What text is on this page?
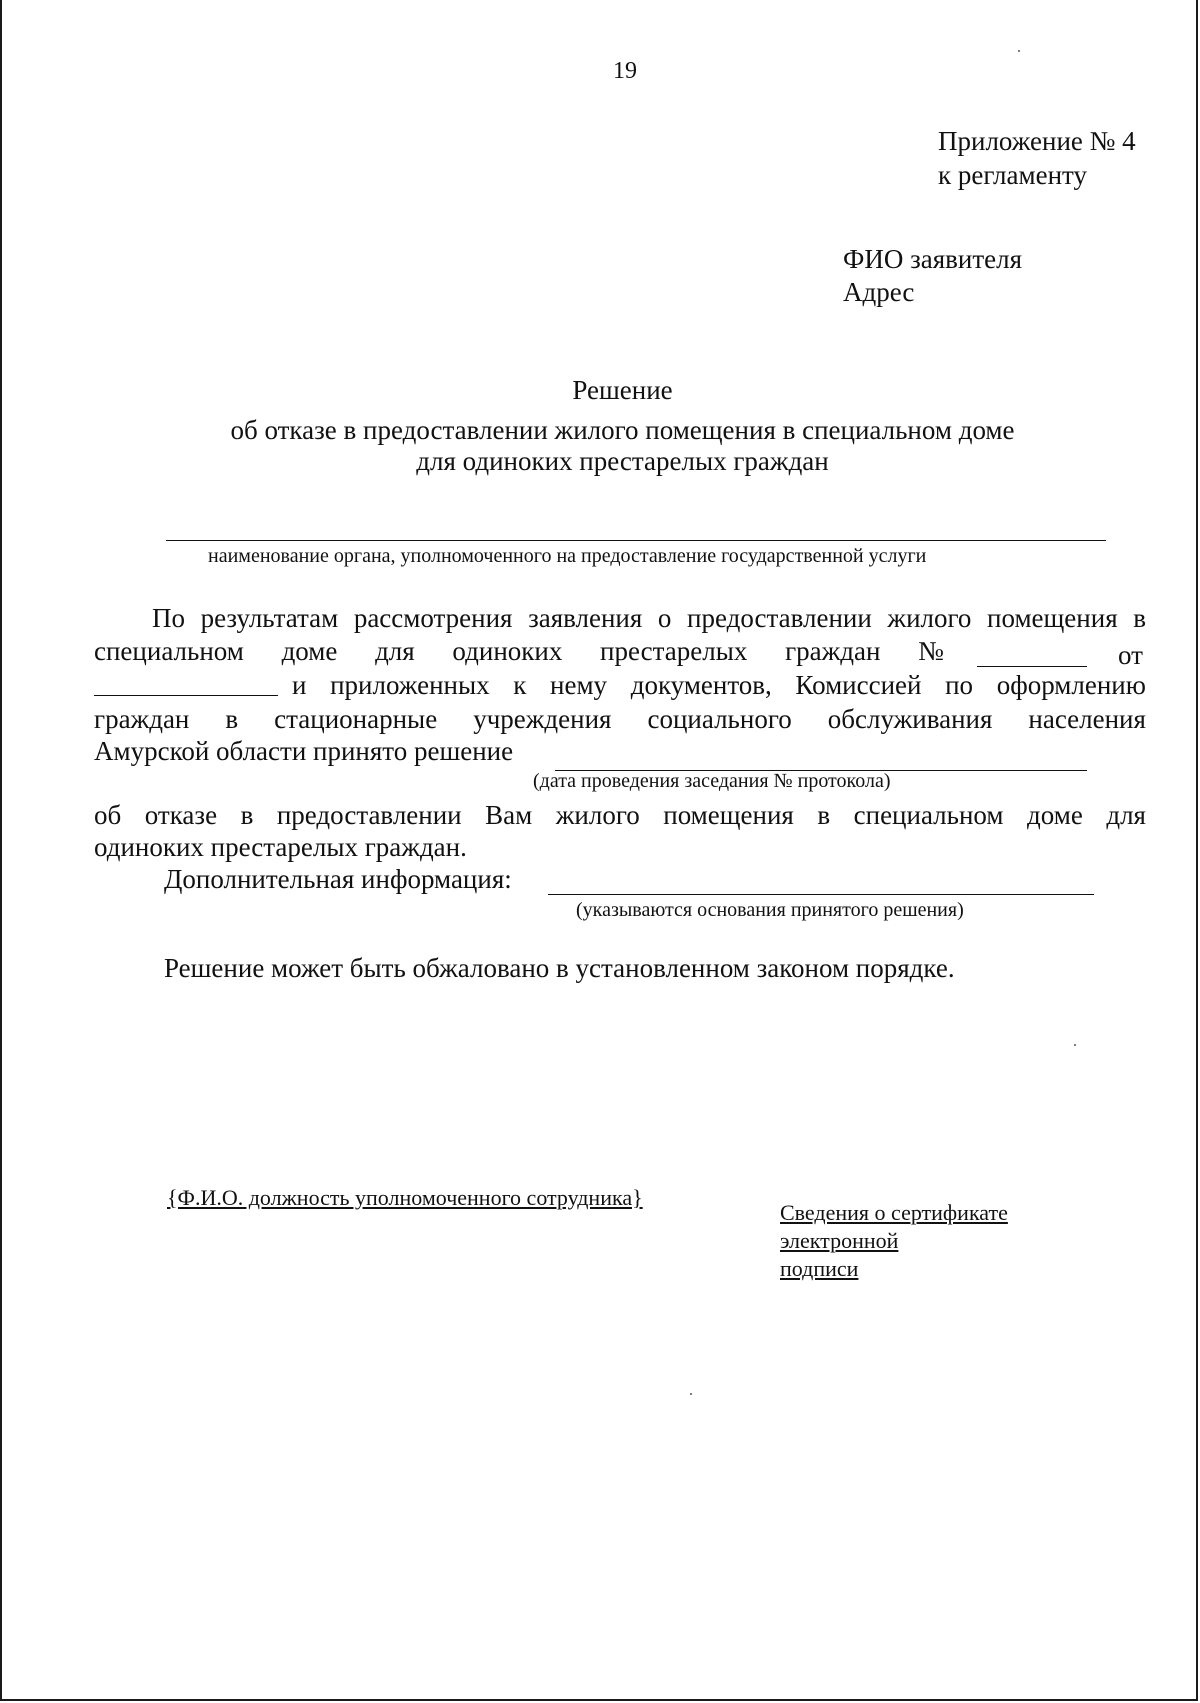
19
Приложение № 4
к регламенту
ФИО заявителя
Адрес
Решение
об отказе в предоставлении жилого помещения в специальном доме
для одиноких престарелых граждан
наименование органа, уполномоченного на предоставление государственной услуги
По результатам рассмотрения заявления о предоставлении жилого помещения в
специальном доме для одиноких престарелых граждан №	от
и приложенных к нему документов, Комиссией по оформлению
граждан в стационарные учреждения социального обслуживания населения
Амурской области принято решение
(дата проведения заседания № протокола)
об отказе в предоставлении Вам жилого помещения в специальном доме для
одиноких престарелых граждан.
Дополнительная информация:
(указываются основания принятого решения)
Решение может быть обжаловано в установленном законом порядке.
{Ф.И.О. должность уполномоченного сотрудника}
Сведения о сертификате
электронной
подписи
